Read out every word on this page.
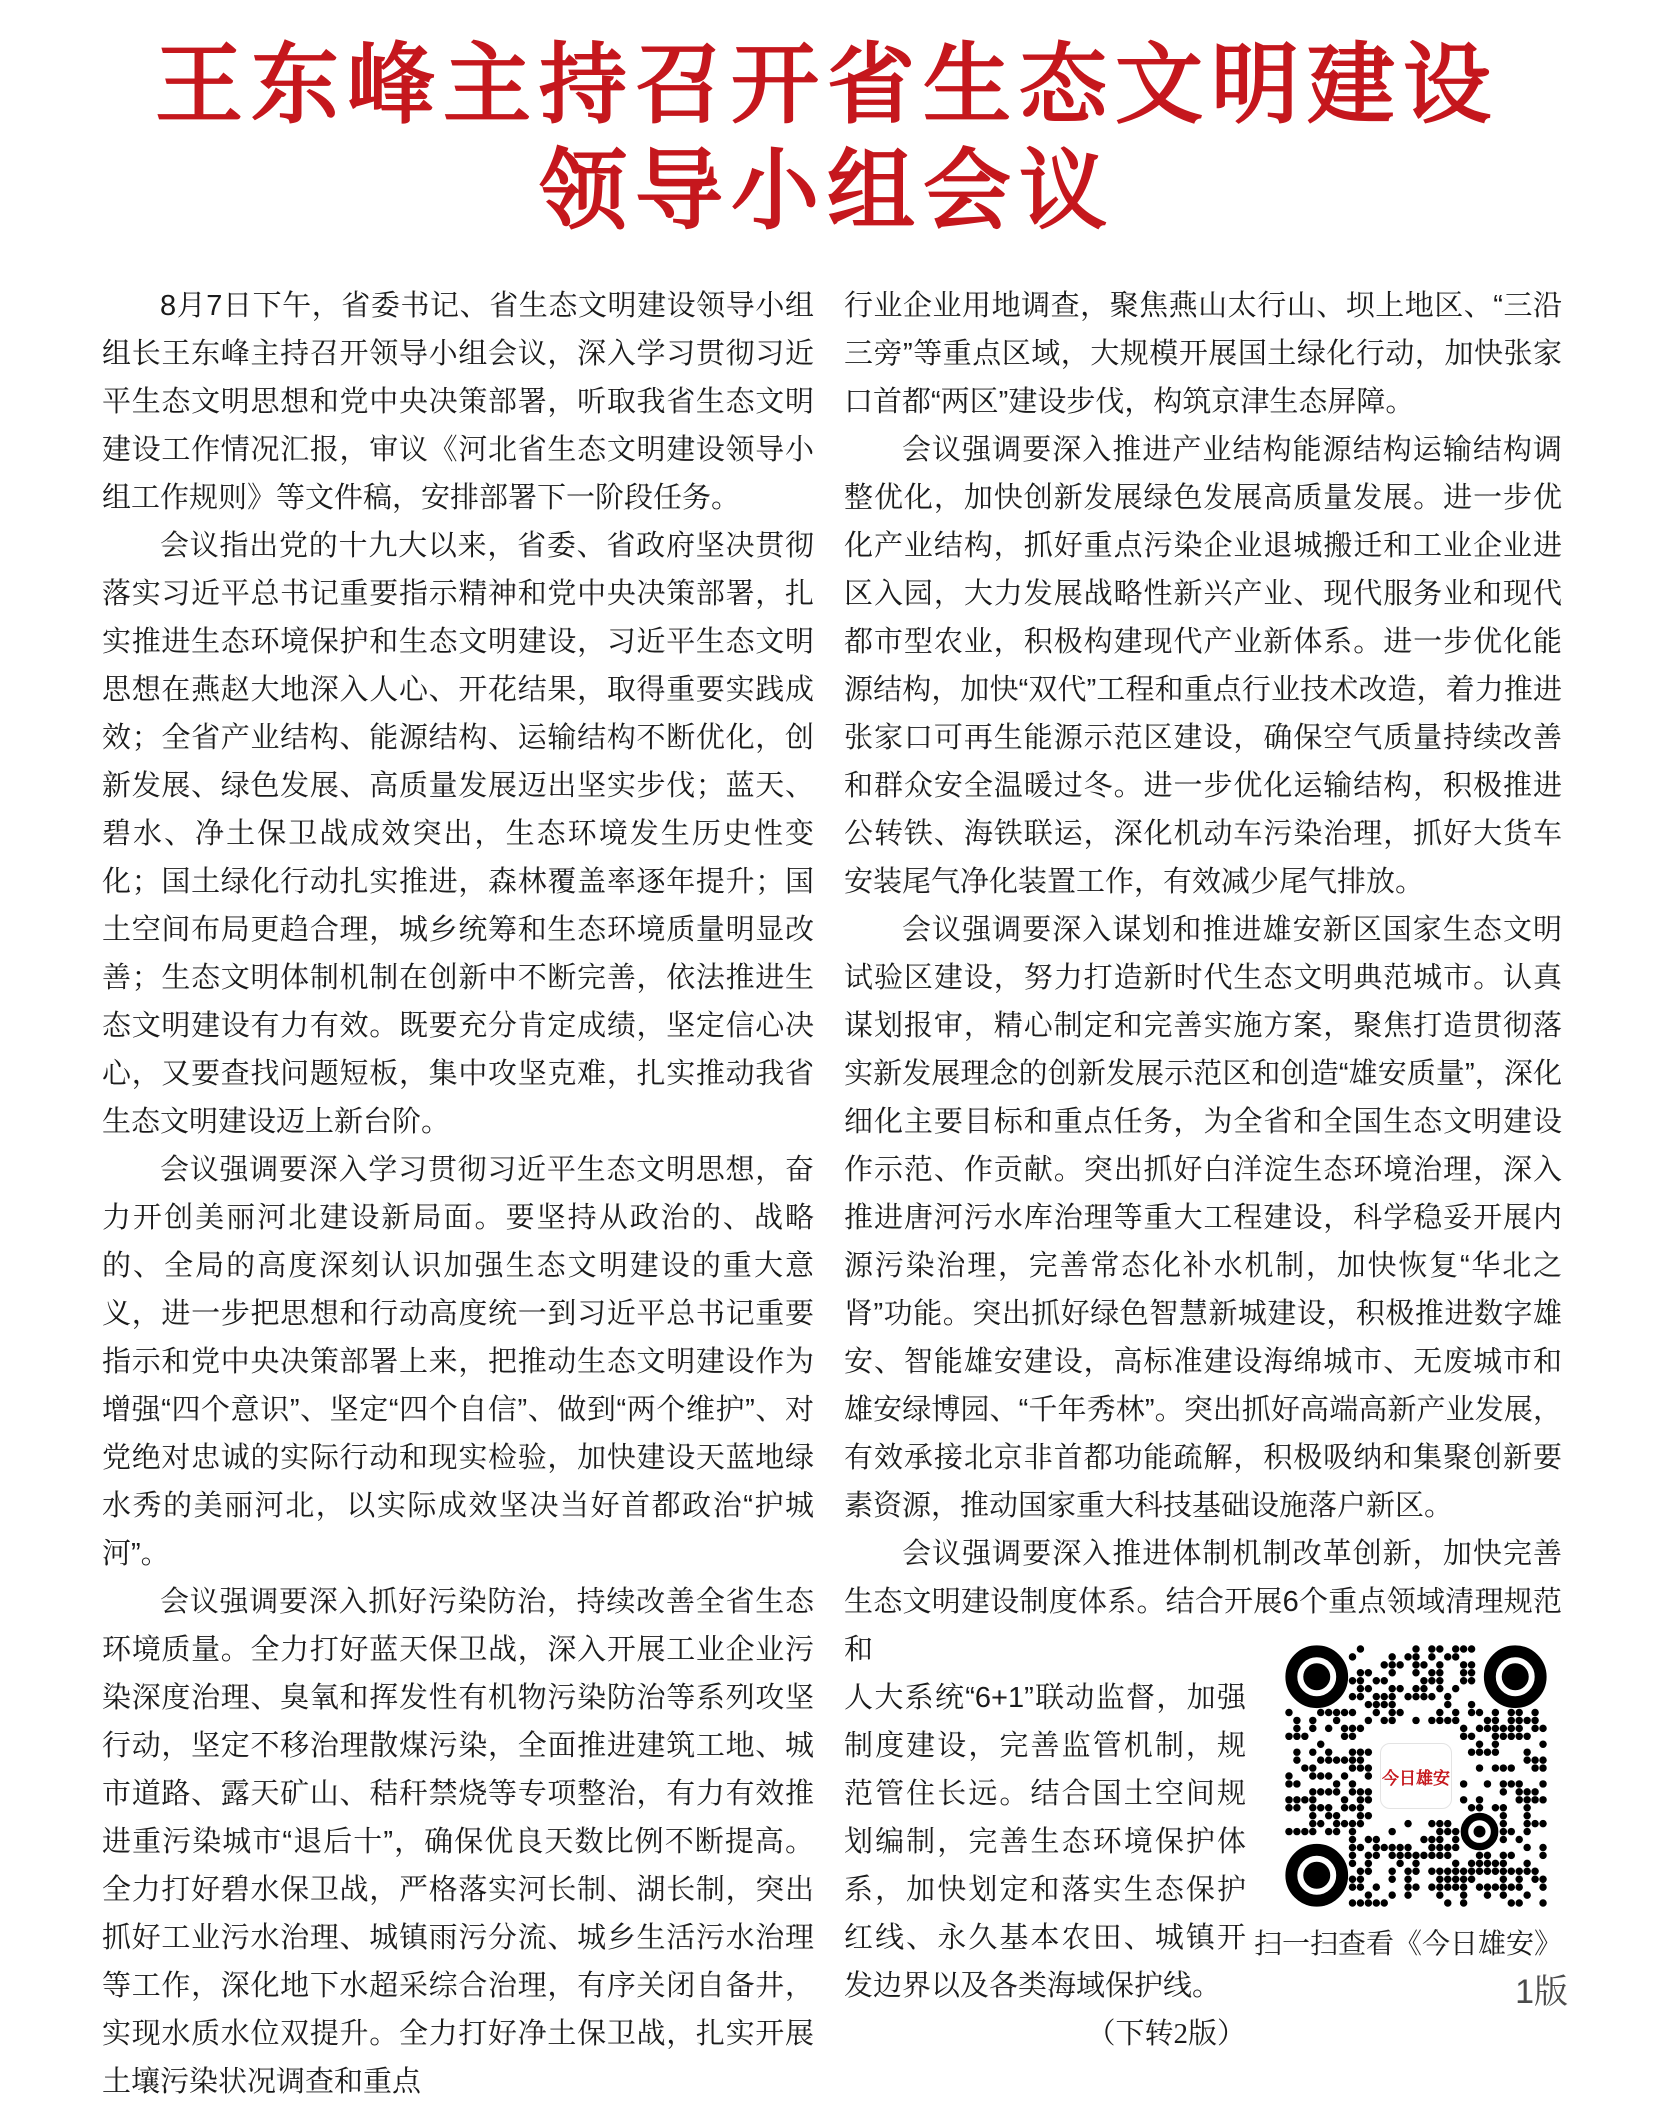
王东峰主持召开省生态文明建设
领导小组会议

8月7日下午，省委书记、省生态文明建设领导小组组长王东峰主持召开领导小组会议，深入学习贯彻习近平生态文明思想和党中央决策部署，听取我省生态文明建设工作情况汇报，审议《河北省生态文明建设领导小组工作规则》等文件稿，安排部署下一阶段任务。

会议指出党的十九大以来，省委、省政府坚决贯彻落实习近平总书记重要指示精神和党中央决策部署，扎实推进生态环境保护和生态文明建设，习近平生态文明思想在燕赵大地深入人心、开花结果，取得重要实践成效；全省产业结构、能源结构、运输结构不断优化，创新发展、绿色发展、高质量发展迈出坚实步伐；蓝天、碧水、净土保卫战成效突出，生态环境发生历史性变化；国土绿化行动扎实推进，森林覆盖率逐年提升；国土空间布局更趋合理，城乡统筹和生态环境质量明显改善；生态文明体制机制在创新中不断完善，依法推进生态文明建设有力有效。既要充分肯定成绩，坚定信心决心，又要查找问题短板，集中攻坚克难，扎实推动我省生态文明建设迈上新台阶。

会议强调要深入学习贯彻习近平生态文明思想，奋力开创美丽河北建设新局面。要坚持从政治的、战略的、全局的高度深刻认识加强生态文明建设的重大意义，进一步把思想和行动高度统一到习近平总书记重要指示和党中央决策部署上来，把推动生态文明建设作为增强“四个意识”、坚定“四个自信”、做到“两个维护”、对党绝对忠诚的实际行动和现实检验，加快建设天蓝地绿水秀的美丽河北，以实际成效坚决当好首都政治“护城河”。

会议强调要深入抓好污染防治，持续改善全省生态环境质量。全力打好蓝天保卫战，深入开展工业企业污染深度治理、臭氧和挥发性有机物污染防治等系列攻坚行动，坚定不移治理散煤污染，全面推进建筑工地、城市道路、露天矿山、秸秆禁烧等专项整治，有力有效推进重污染城市“退后十”，确保优良天数比例不断提高。全力打好碧水保卫战，严格落实河长制、湖长制，突出抓好工业污水治理、城镇雨污分流、城乡生活污水治理等工作，深化地下水超采综合治理，有序关闭自备井，实现水质水位双提升。全力打好净土保卫战，扎实开展土壤污染状况调查和重点

行业企业用地调查，聚焦燕山太行山、坝上地区、“三沿三旁”等重点区域，大规模开展国土绿化行动，加快张家口首都“两区”建设步伐，构筑京津生态屏障。

会议强调要深入推进产业结构能源结构运输结构调整优化，加快创新发展绿色发展高质量发展。进一步优化产业结构，抓好重点污染企业退城搬迁和工业企业进区入园，大力发展战略性新兴产业、现代服务业和现代都市型农业，积极构建现代产业新体系。进一步优化能源结构，加快“双代”工程和重点行业技术改造，着力推进张家口可再生能源示范区建设，确保空气质量持续改善和群众安全温暖过冬。进一步优化运输结构，积极推进公转铁、海铁联运，深化机动车污染治理，抓好大货车安装尾气净化装置工作，有效减少尾气排放。

会议强调要深入谋划和推进雄安新区国家生态文明试验区建设，努力打造新时代生态文明典范城市。认真谋划报审，精心制定和完善实施方案，聚焦打造贯彻落实新发展理念的创新发展示范区和创造“雄安质量”，深化细化主要目标和重点任务，为全省和全国生态文明建设作示范、作贡献。突出抓好白洋淀生态环境治理，深入推进唐河污水库治理等重大工程建设，科学稳妥开展内源污染治理，完善常态化补水机制，加快恢复“华北之肾”功能。突出抓好绿色智慧新城建设，积极推进数字雄安、智能雄安建设，高标准建设海绵城市、无废城市和雄安绿博园、“千年秀林”。突出抓好高端高新产业发展，有效承接北京非首都功能疏解，积极吸纳和集聚创新要素资源，推动国家重大科技基础设施落户新区。

会议强调要深入推进体制机制改革创新，加快完善生态文明建设制度体系。结合开展6个重点领域清理规范和

人大系统“6+1”联动监督，加强制度建设，完善监管机制，规范管住长远。结合国土空间规划编制，完善生态环境保护体系，加快划定和落实生态保护红线、永久基本农田、城镇开发边界以及各类海域保护线。
（下转2版）
今日雄安
扫一扫查看《今日雄安》
1版
